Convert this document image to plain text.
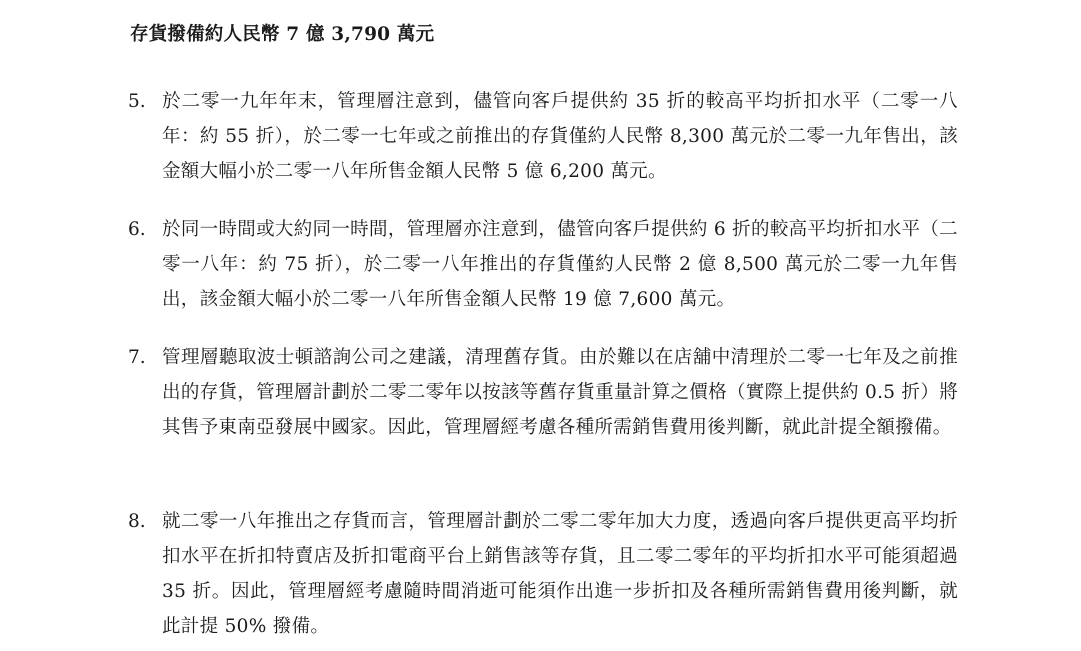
存貨撥備約人民幣 7 億 3,790 萬元
5. 於二零一九年年末，管理層注意到，儘管向客戶提供約 35 折的較高平均折扣水平（二零一八年：約 55 折），於二零一七年或之前推出的存貨僅約人民幣 8,300 萬元於二零一九年售出，該金額大幅小於二零一八年所售金額人民幣 5 億 6,200 萬元。
6. 於同一時間或大約同一時間，管理層亦注意到，儘管向客戶提供約 6 折的較高平均折扣水平（二零一八年：約 75 折），於二零一八年推出的存貨僅約人民幣 2 億 8,500 萬元於二零一九年售出，該金額大幅小於二零一八年所售金額人民幣 19 億 7,600 萬元。
7. 管理層聽取波士頓諮詢公司之建議，清理舊存貨。由於難以在店舖中清理於二零一七年及之前推出的存貨，管理層計劃於二零二零年以按該等舊存貨重量計算之價格（實際上提供約 0.5 折）將其售予東南亞發展中國家。因此，管理層經考慮各種所需銷售費用後判斷，就此計提全額撥備。
8. 就二零一八年推出之存貨而言，管理層計劃於二零二零年加大力度，透過向客戶提供更高平均折扣水平在折扣特賣店及折扣電商平台上銷售該等存貨，且二零二零年的平均折扣水平可能須超過 35 折。因此，管理層經考慮隨時間消逝可能須作出進一步折扣及各種所需銷售費用後判斷，就此計提 50% 撥備。
